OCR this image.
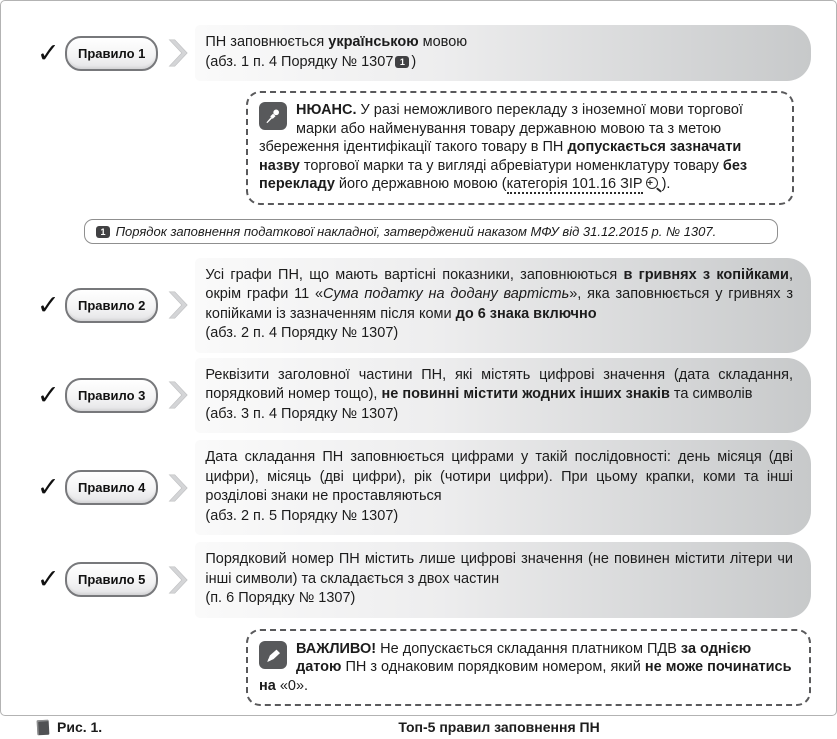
✓	Правило 1
ПН заповнюється українською мовою
(абз. 1 п. 4 Порядку № 1307 1 )
НЮАНС. У разі неможливого перекладу з іноземної мови торгової марки або найменування товару державною мовою та з метою збереження ідентифікації такого товару в ПН допускається зазначати назву торгової марки та у вигляді абревіатури номенклатуру товару без перекладу його державною мовою (категорія 101.16 ЗІР + ).
1 Порядок заповнення податкової накладної, затверджений наказом МФУ від 31.12.2015 р. № 1307.
✓	Правило 2
Усі графи ПН, що мають вартісні показники, заповнюються в гривнях з копійками, окрім графи 11 «Сума податку на додану вартість», яка заповнюється у гривнях з копійками із зазначенням після коми до 6 знака включно
(абз. 2 п. 4 Порядку № 1307)
✓	Правило 3
Реквізити заголовної частини ПН, які містять цифрові значення (дата складання, порядковий номер тощо), не повинні містити жодних інших знаків та символів
(абз. 3 п. 4 Порядку № 1307)
✓	Правило 4
Дата складання ПН заповнюється цифрами у такій послідовності: день місяця (дві цифри), місяць (дві цифри), рік (чотири цифри). При цьому крапки, коми та інші розділові знаки не проставляються
(абз. 2 п. 5 Порядку № 1307)
✓	Правило 5
Порядковий номер ПН містить лише цифрові значення (не повинен містити літери чи інші символи) та складається з двох частин
(п. 6 Порядку № 1307)
ВАЖЛИВО! Не допускається складання платником ПДВ за однією датою ПН з однаковим порядковим номером, який не може починатись на «0».
Рис. 1.	Топ-5 правил заповнення ПН
